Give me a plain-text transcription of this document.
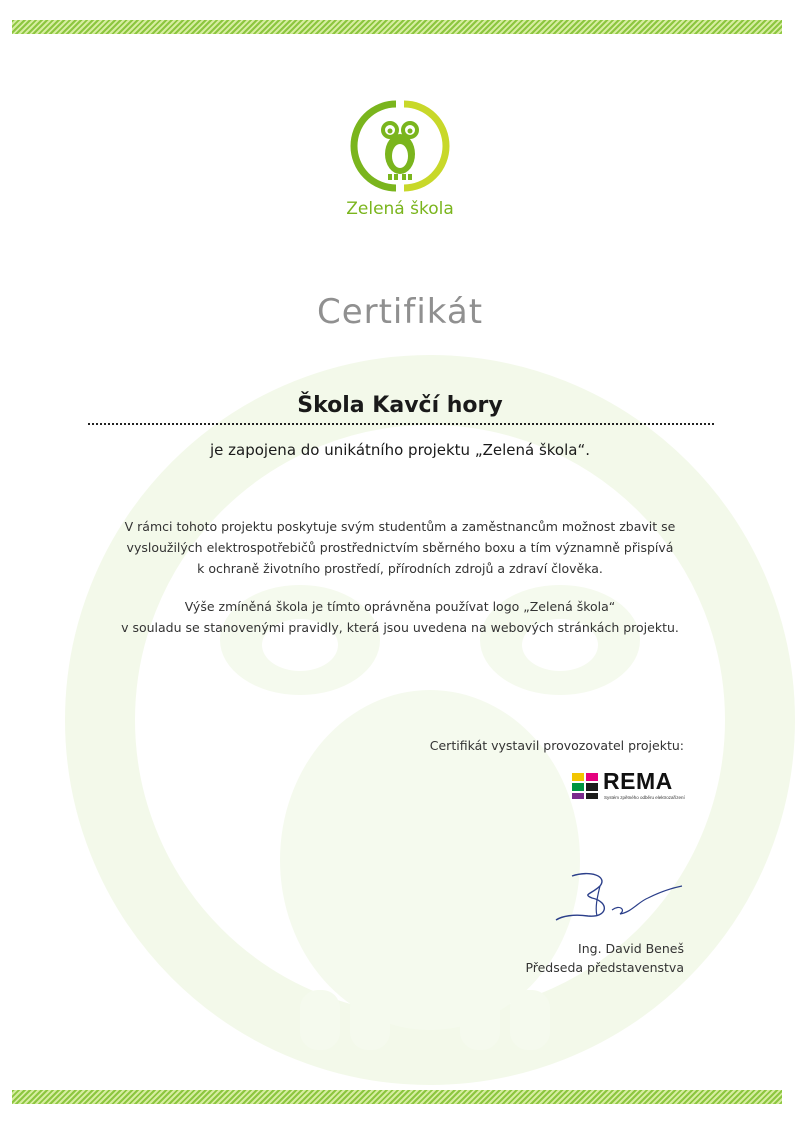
Zelená škola
Certifikát
Škola Kavčí hory
je zapojena do unikátního projektu „Zelená škola“.
V rámci tohoto projektu poskytuje svým studentům a zaměstnancům možnost zbavit se
vysloužilých elektrospotřebičů prostřednictvím sběrného boxu a tím významně přispívá
k ochraně životního prostředí, přírodních zdrojů a zdraví člověka.
Výše zmíněná škola je tímto oprávněna používat logo „Zelená škola“
v souladu se stanovenými pravidly, která jsou uvedena na webových stránkách projektu.
Certifikát vystavil provozovatel projektu:
REMA
Systém zpětného odběru elektrozařízení
Ing. David Beneš
Předseda představenstva
